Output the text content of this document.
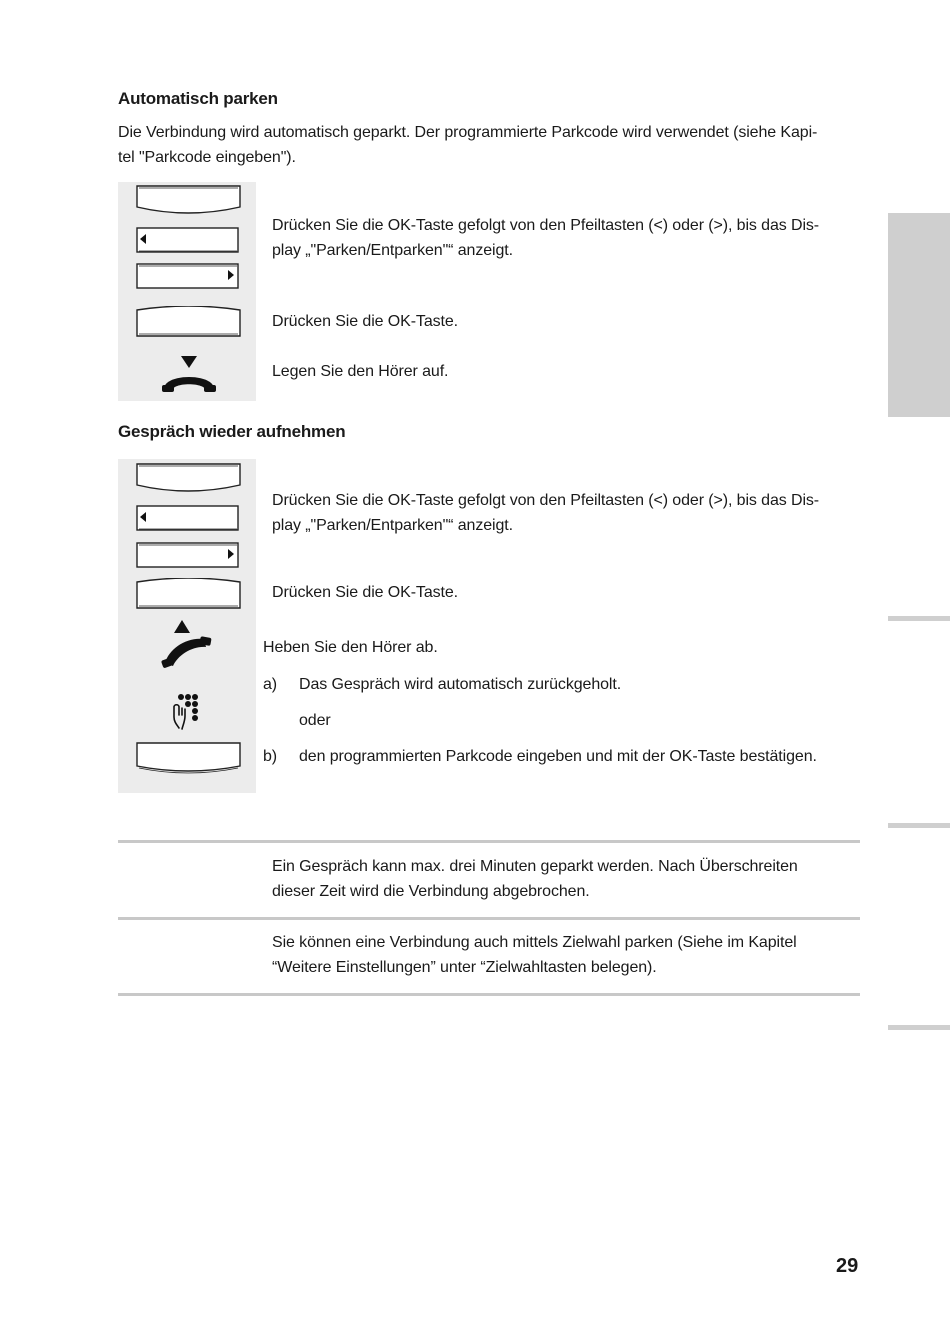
Automatisch parken
Die Verbindung wird automatisch geparkt. Der programmierte Parkcode wird verwendet (siehe Kapi-
tel "Parkcode eingeben").
Drücken Sie die OK-Taste gefolgt von den Pfeiltasten (<) oder (>), bis das Dis-
play „"Parken/Entparken"“ anzeigt.
Drücken Sie die OK-Taste.
Legen Sie den Hörer auf.
Gespräch wieder aufnehmen
Drücken Sie die OK-Taste gefolgt von den Pfeiltasten (<) oder (>), bis das Dis-
play „"Parken/Entparken"“ anzeigt.
Drücken Sie die OK-Taste.
Heben Sie den Hörer ab.
a) Das Gespräch wird automatisch zurückgeholt.
oder
b) den programmierten Parkcode eingeben und mit der OK-Taste bestätigen.
Ein Gespräch kann max. drei Minuten geparkt werden. Nach Überschreiten
dieser Zeit wird die Verbindung abgebrochen.
Sie können eine Verbindung auch mittels Zielwahl parken (Siehe im Kapitel
“Weitere Einstellungen” unter “Zielwahltasten belegen).
29
